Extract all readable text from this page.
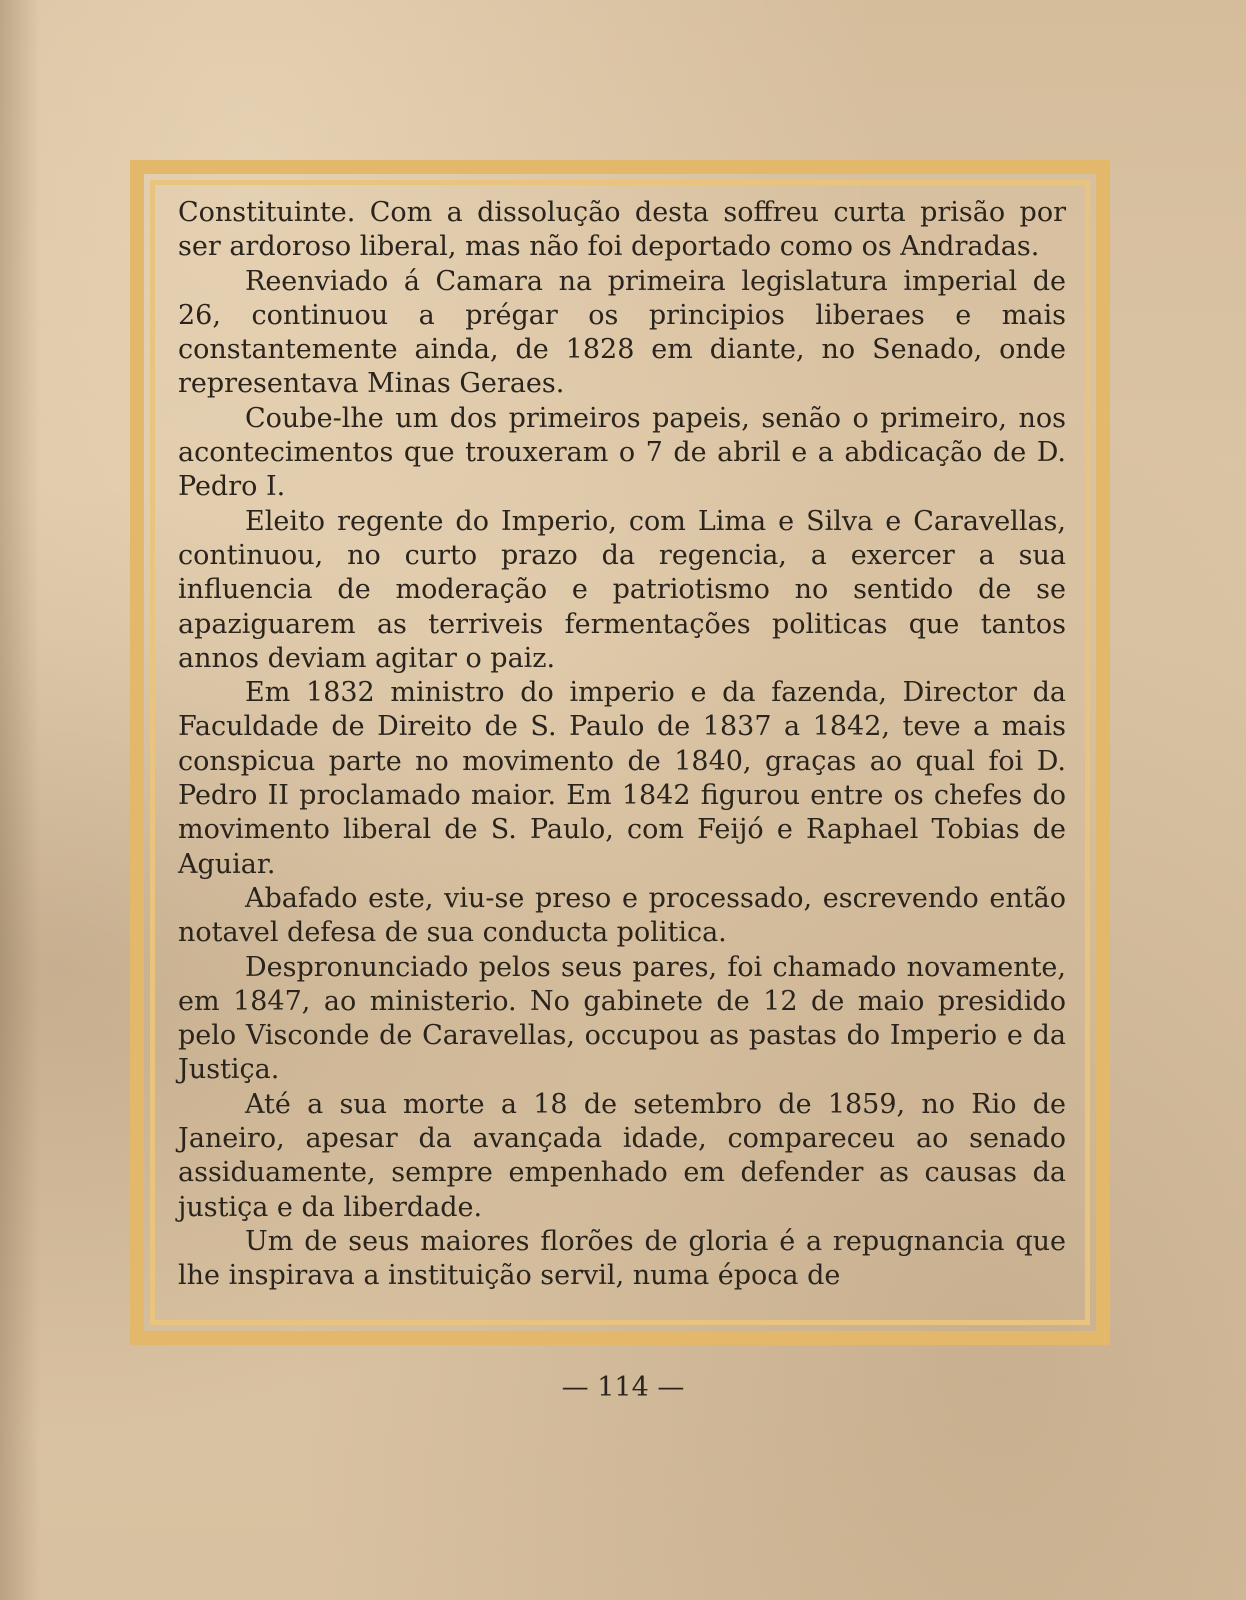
Constituinte. Com a dissolução desta soffreu curta prisão por ser ardoroso liberal, mas não foi deportado como os Andradas.

Reenviado á Camara na primeira legislatura imperial de 26, continuou a prégar os principios liberaes e mais constantemente ainda, de 1828 em diante, no Senado, onde representava Minas Geraes.

Coube-lhe um dos primeiros papeis, senão o primeiro, nos acontecimentos que trouxeram o 7 de abril e a abdicação de D. Pedro I.

Eleito regente do Imperio, com Lima e Silva e Caravellas, continuou, no curto prazo da regencia, a exercer a sua influencia de moderação e patriotismo no sentido de se apaziguarem as terriveis fermentações politicas que tantos annos deviam agitar o paiz.

Em 1832 ministro do imperio e da fazenda, Director da Faculdade de Direito de S. Paulo de 1837 a 1842, teve a mais conspicua parte no movimento de 1840, graças ao qual foi D. Pedro II proclamado maior. Em 1842 figurou entre os chefes do movimento liberal de S. Paulo, com Feijó e Raphael Tobias de Aguiar.

Abafado este, viu-se preso e processado, escrevendo então notavel defesa de sua conducta politica.

Despronunciado pelos seus pares, foi chamado novamente, em 1847, ao ministerio. No gabinete de 12 de maio presidido pelo Visconde de Caravellas, occupou as pastas do Imperio e da Justiça.

Até a sua morte a 18 de setembro de 1859, no Rio de Janeiro, apesar da avançada idade, compareceu ao senado assiduamente, sempre empenhado em defender as causas da justiça e da liberdade.

Um de seus maiores florões de gloria é a repugnancia que lhe inspirava a instituição servil, numa época de

— 114 —
